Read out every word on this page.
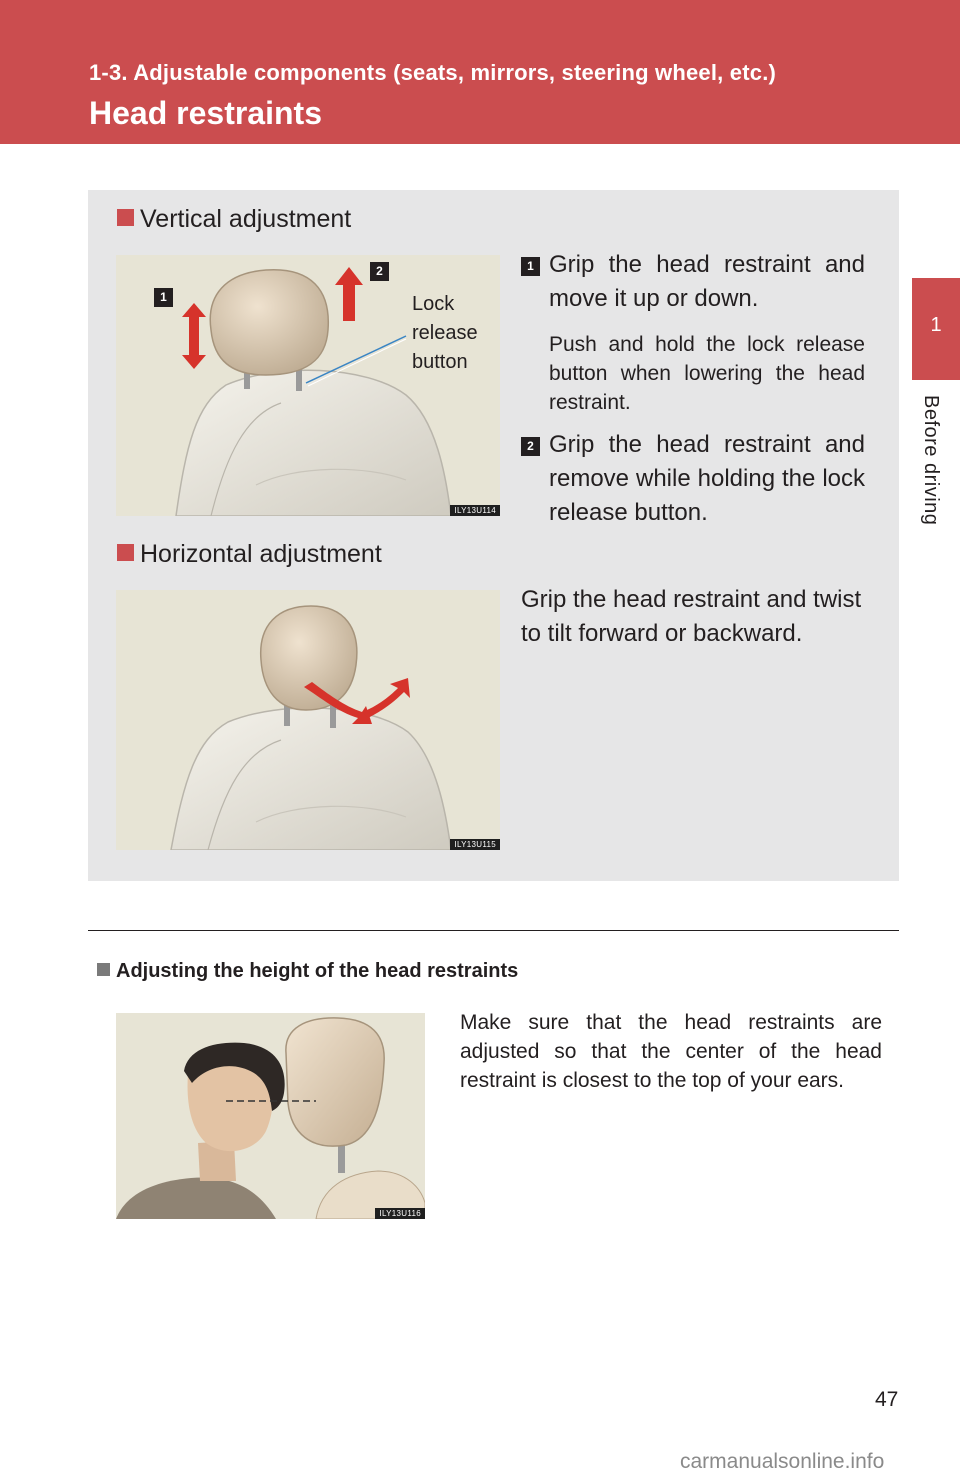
1-3. Adjustable components (seats, mirrors, steering wheel, etc.)
Head restraints
1
Before driving
Vertical adjustment
1
2
ILY13U114
Lock
release
button
1 Grip the head restraint and move it up or down.
Push and hold the lock release button when lowering the head restraint.
2 Grip the head restraint and remove while holding the lock release button.
Horizontal adjustment
ILY13U115
Grip the head restraint and twist to tilt forward or backward.
Adjusting the height of the head restraints
ILY13U116
Make sure that the head restraints are adjusted so that the center of the head restraint is closest to the top of your ears.
47
carmanualsonline.info
